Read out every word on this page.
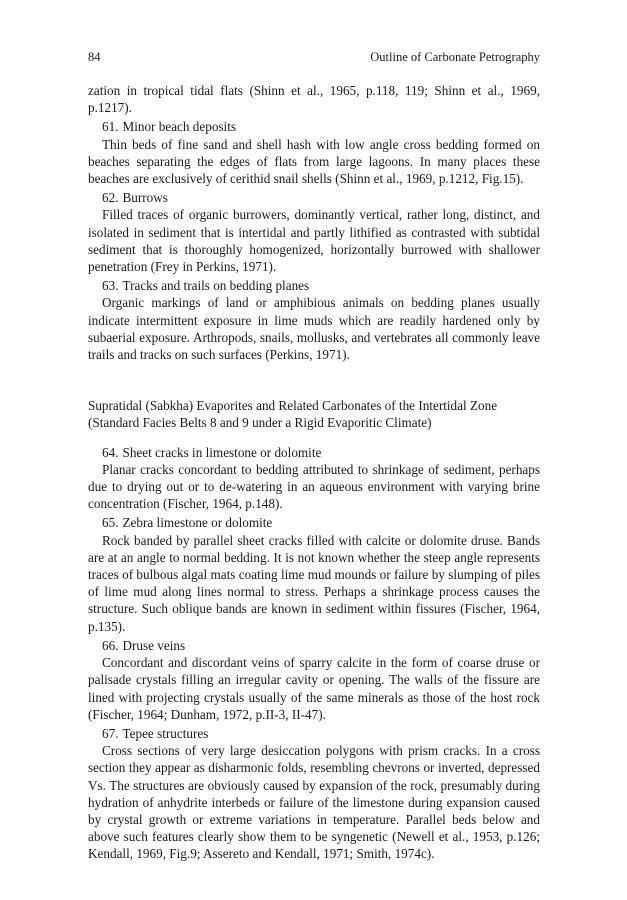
84	Outline of Carbonate Petrography

zation in tropical tidal flats (Shinn et al., 1965, p.118, 119; Shinn et al., 1969, p.1217).

61. Minor beach deposits

Thin beds of fine sand and shell hash with low angle cross bedding formed on beaches separating the edges of flats from large lagoons. In many places these beaches are exclusively of cerithid snail shells (Shinn et al., 1969, p.1212, Fig.15).

62. Burrows

Filled traces of organic burrowers, dominantly vertical, rather long, distinct, and isolated in sediment that is intertidal and partly lithified as contrasted with subtidal sediment that is thoroughly homogenized, horizontally burrowed with shallower penetration (Frey in Perkins, 1971).

63. Tracks and trails on bedding planes

Organic markings of land or amphibious animals on bedding planes usually indicate intermittent exposure in lime muds which are readily hardened only by subaerial exposure. Arthropods, snails, mollusks, and vertebrates all commonly leave trails and tracks on such surfaces (Perkins, 1971).

Supratidal (Sabkha) Evaporites and Related Carbonates of the Intertidal Zone (Standard Facies Belts 8 and 9 under a Rigid Evaporitic Climate)
64. Sheet cracks in limestone or dolomite

Planar cracks concordant to bedding attributed to shrinkage of sediment, perhaps due to drying out or to de-watering in an aqueous environment with varying brine concentration (Fischer, 1964, p.148).

65. Zebra limestone or dolomite

Rock banded by parallel sheet cracks filled with calcite or dolomite druse. Bands are at an angle to normal bedding. It is not known whether the steep angle represents traces of bulbous algal mats coating lime mud mounds or failure by slumping of piles of lime mud along lines normal to stress. Perhaps a shrinkage process causes the structure. Such oblique bands are known in sediment within fissures (Fischer, 1964, p.135).

66. Druse veins

Concordant and discordant veins of sparry calcite in the form of coarse druse or palisade crystals filling an irregular cavity or opening. The walls of the fissure are lined with projecting crystals usually of the same minerals as those of the host rock (Fischer, 1964; Dunham, 1972, p.II-3, II-47).

67. Tepee structures

Cross sections of very large desiccation polygons with prism cracks. In a cross section they appear as disharmonic folds, resembling chevrons or inverted, depressed Vs. The structures are obviously caused by expansion of the rock, presumably during hydration of anhydrite interbeds or failure of the limestone during expansion caused by crystal growth or extreme variations in temperature. Parallel beds below and above such features clearly show them to be syngenetic (Newell et al., 1953, p.126; Kendall, 1969, Fig.9; Assereto and Kendall, 1971; Smith, 1974c).
